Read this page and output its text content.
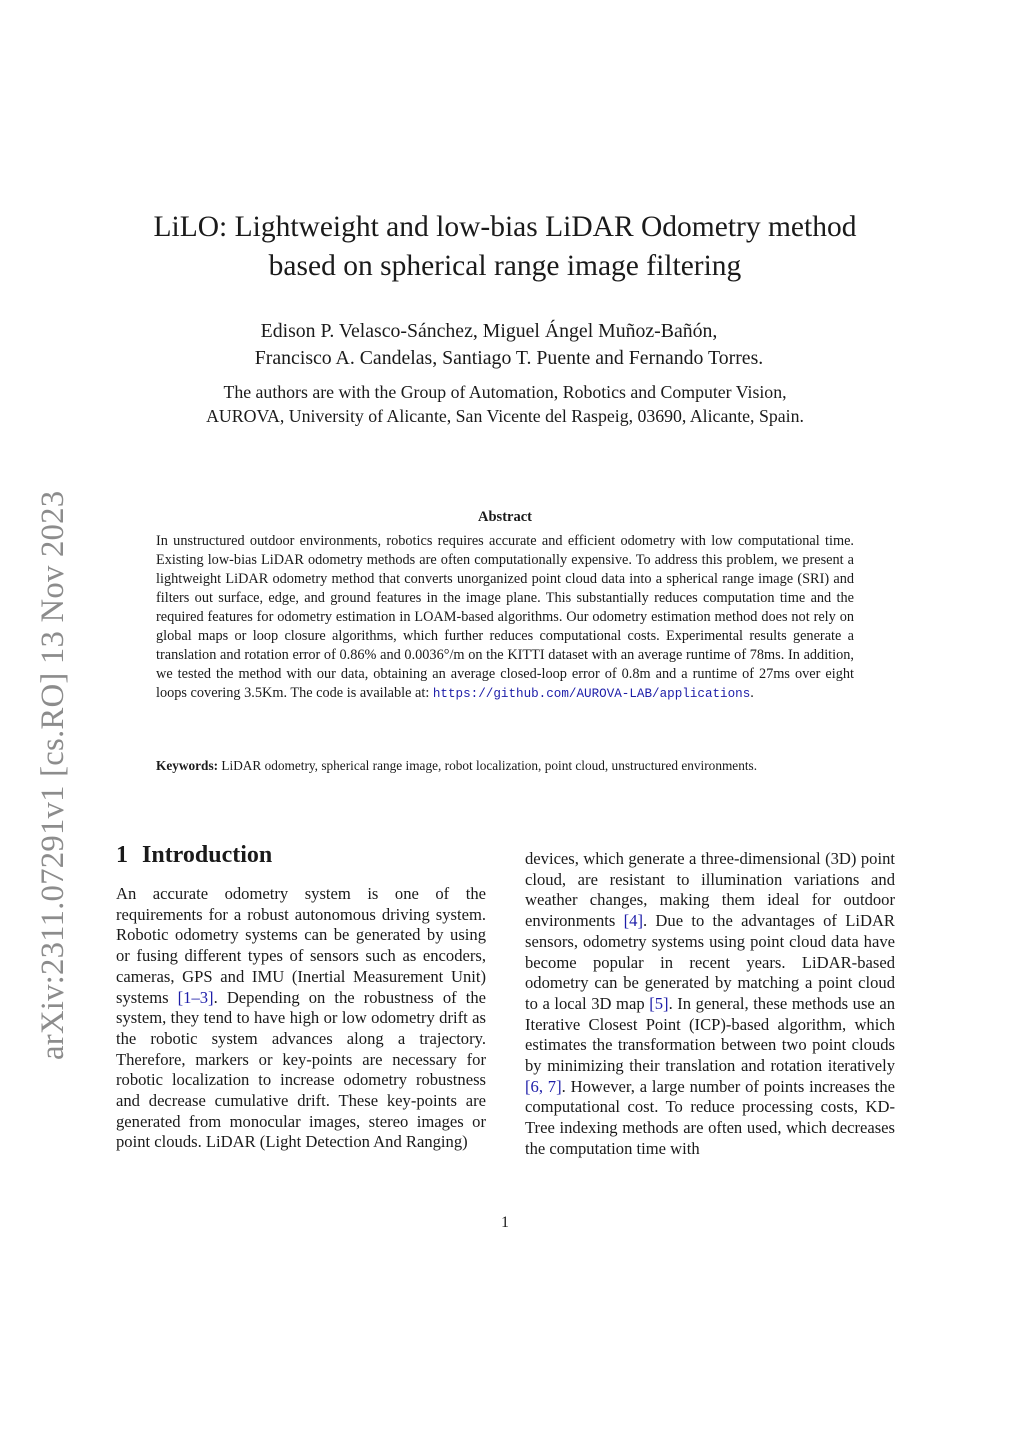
arXiv:2311.07291v1 [cs.RO] 13 Nov 2023
LiLO: Lightweight and low-bias LiDAR Odometry method
based on spherical range image filtering
Edison P. Velasco-Sánchez, Miguel Ángel Muñoz-Bañón,
Francisco A. Candelas, Santiago T. Puente and Fernando Torres.
The authors are with the Group of Automation, Robotics and Computer Vision,
AUROVA, University of Alicante, San Vicente del Raspeig, 03690, Alicante, Spain.
Abstract
In unstructured outdoor environments, robotics requires accurate and efficient odometry with low computational time. Existing low-bias LiDAR odometry methods are often computationally expensive. To address this problem, we present a lightweight LiDAR odometry method that converts unorganized point cloud data into a spherical range image (SRI) and filters out surface, edge, and ground features in the image plane. This substantially reduces computation time and the required features for odometry estimation in LOAM-based algorithms. Our odometry estimation method does not rely on global maps or loop closure algorithms, which further reduces computational costs. Experimental results generate a translation and rotation error of 0.86% and 0.0036°/m on the KITTI dataset with an average runtime of 78ms. In addition, we tested the method with our data, obtaining an average closed-loop error of 0.8m and a runtime of 27ms over eight loops covering 3.5Km. The code is available at: https://github.com/AUROVA-LAB/applications.
Keywords: LiDAR odometry, spherical range image, robot localization, point cloud, unstructured environments.
1 Introduction
An accurate odometry system is one of the requirements for a robust autonomous driving system. Robotic odometry systems can be generated by using or fusing different types of sensors such as encoders, cameras, GPS and IMU (Inertial Measurement Unit) systems [1–3]. Depending on the robustness of the system, they tend to have high or low odometry drift as the robotic system advances along a trajectory. Therefore, markers or key-points are necessary for robotic localization to increase odometry robustness and decrease cumulative drift. These key-points are generated from monocular images, stereo images or point clouds. LiDAR (Light Detection And Ranging)
devices, which generate a three-dimensional (3D) point cloud, are resistant to illumination variations and weather changes, making them ideal for outdoor environments [4]. Due to the advantages of LiDAR sensors, odometry systems using point cloud data have become popular in recent years. LiDAR-based odometry can be generated by matching a point cloud to a local 3D map [5]. In general, these methods use an Iterative Closest Point (ICP)-based algorithm, which estimates the transformation between two point clouds by minimizing their translation and rotation iteratively [6, 7]. However, a large number of points increases the computational cost. To reduce processing costs, KD-Tree indexing methods are often used, which decreases the computation time with
1
